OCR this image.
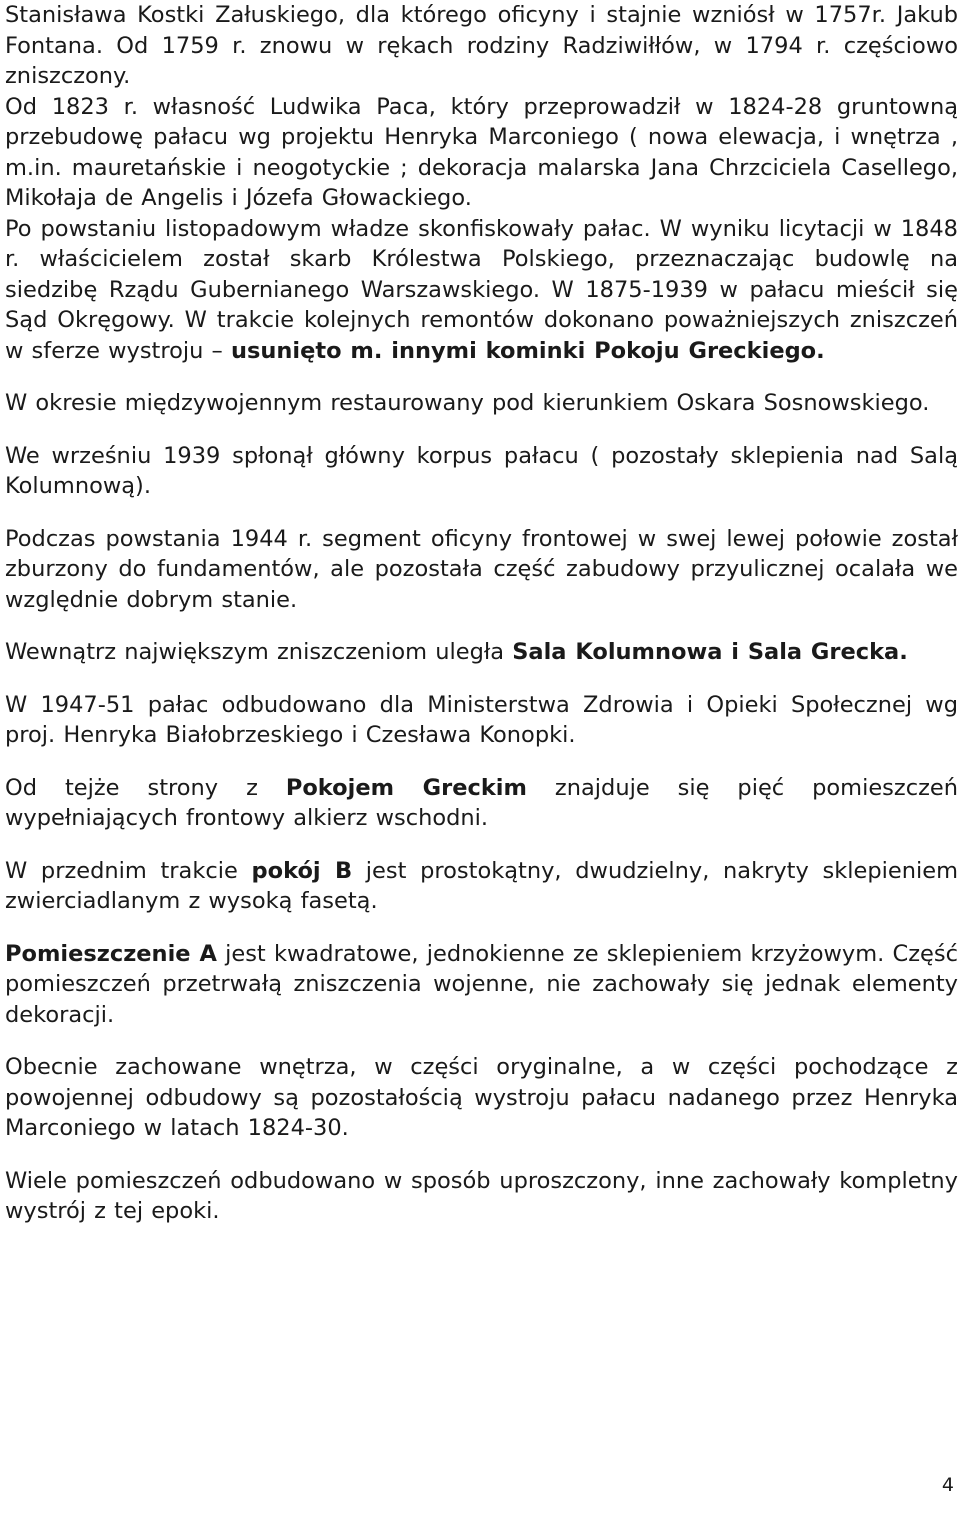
Stanisława Kostki Załuskiego, dla którego oficyny i stajnie wzniósł w 1757r. Jakub Fontana. Od 1759 r. znowu w rękach rodziny Radziwiłłów, w 1794 r. częściowo zniszczony.

Od 1823 r. własność Ludwika Paca, który przeprowadził w 1824-28 gruntowną przebudowę pałacu wg projektu Henryka Marconiego ( nowa elewacja, i wnętrza , m.in. mauretańskie i neogotyckie ; dekoracja malarska Jana Chrzciciela Casellego, Mikołaja de Angelis i Józefa Głowackiego.

Po powstaniu listopadowym władze skonfiskowały pałac. W wyniku licytacji w 1848 r. właścicielem został skarb Królestwa Polskiego, przeznaczając budowlę na siedzibę Rządu Gubernianego Warszawskiego. W 1875-1939 w pałacu mieścił się Sąd Okręgowy. W trakcie kolejnych remontów dokonano poważniejszych zniszczeń w sferze wystroju – usunięto m. innymi kominki Pokoju Greckiego.

W okresie międzywojennym restaurowany pod kierunkiem Oskara Sosnowskiego.

We wrześniu 1939 spłonął główny korpus pałacu ( pozostały sklepienia nad Salą Kolumnową).

Podczas powstania 1944 r. segment oficyny frontowej w swej lewej połowie został zburzony do fundamentów, ale pozostała część zabudowy przyulicznej ocalała we względnie dobrym stanie.

Wewnątrz największym zniszczeniom uległa Sala Kolumnowa i Sala Grecka.

W 1947-51 pałac odbudowano dla Ministerstwa Zdrowia i Opieki Społecznej wg proj. Henryka Białobrzeskiego i Czesława Konopki.

Od tejże strony z Pokojem Greckim znajduje się pięć pomieszczeń wypełniających frontowy alkierz wschodni.

W przednim trakcie pokój B jest prostokątny, dwudzielny, nakryty sklepieniem zwierciadlanym z wysoką fasetą.

Pomieszczenie A jest kwadratowe, jednokienne ze sklepieniem krzyżowym. Część pomieszczeń przetrwałą zniszczenia wojenne, nie zachowały się jednak elementy dekoracji.

Obecnie zachowane wnętrza, w części oryginalne, a w części pochodzące z powojennej odbudowy są pozostałością wystroju pałacu nadanego przez Henryka Marconiego w latach 1824-30.

Wiele pomieszczeń odbudowano w sposób uproszczony, inne zachowały kompletny wystrój z tej epoki.

4
